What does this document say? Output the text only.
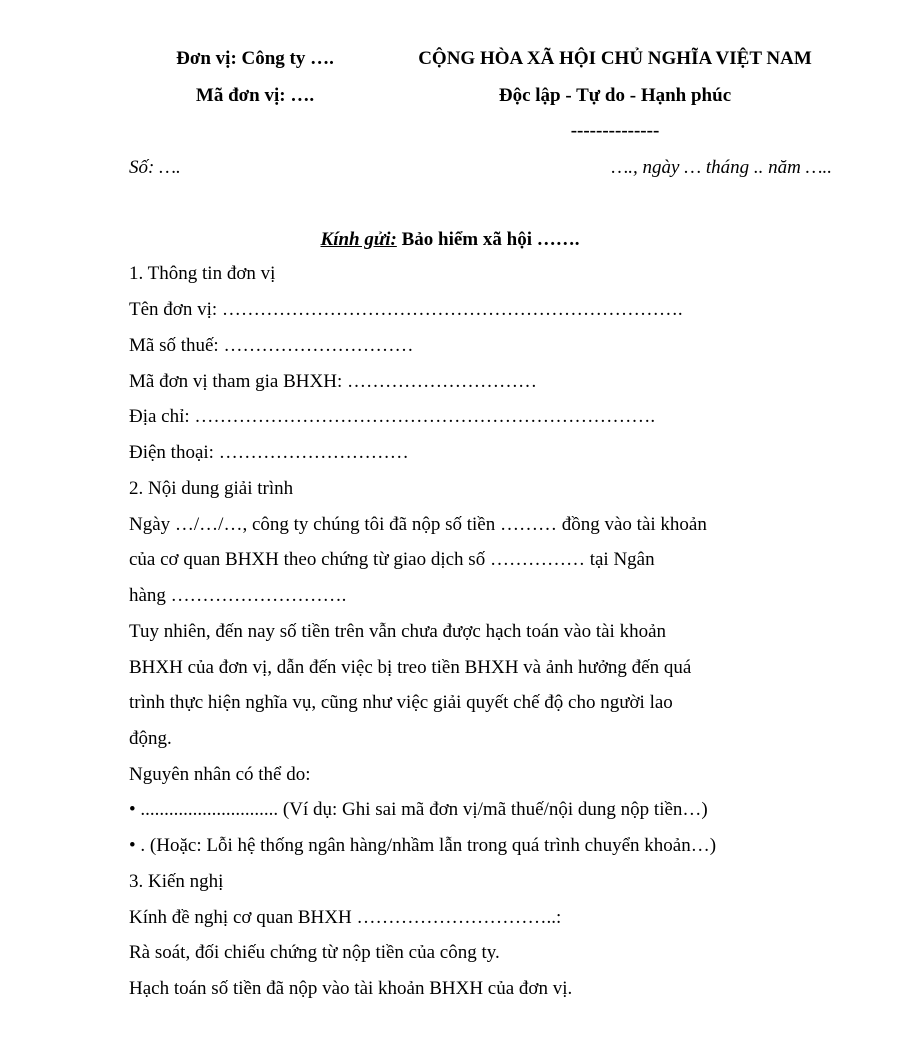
Đơn vị: Công ty ….
Mã đơn vị: ….
CỘNG HÒA XÃ HỘI CHỦ NGHĨA VIỆT NAM
Độc lập - Tự do - Hạnh phúc
--------------
Số: ….	…., ngày … tháng .. năm …..
Kính gửi: Bảo hiểm xã hội …….
1. Thông tin đơn vị
Tên đơn vị: ……………………………………………………………….
Mã số thuế: …………………………
Mã đơn vị tham gia BHXH: …………………………
Địa chỉ: ……………………………………………………………….
Điện thoại: …………………………
2. Nội dung giải trình
Ngày …/…/…, công ty chúng tôi đã nộp số tiền ……… đồng vào tài khoản
của cơ quan BHXH theo chứng từ giao dịch số …………… tại Ngân
hàng ……………………….
Tuy nhiên, đến nay số tiền trên vẫn chưa được hạch toán vào tài khoản
BHXH của đơn vị, dẫn đến việc bị treo tiền BHXH và ảnh hưởng đến quá
trình thực hiện nghĩa vụ, cũng như việc giải quyết chế độ cho người lao
động.
Nguyên nhân có thể do:
• ............................. (Ví dụ: Ghi sai mã đơn vị/mã thuế/nội dung nộp tiền…)
• . (Hoặc: Lỗi hệ thống ngân hàng/nhầm lẫn trong quá trình chuyển khoản…)
3. Kiến nghị
Kính đề nghị cơ quan BHXH …………………………..:
Rà soát, đối chiếu chứng từ nộp tiền của công ty.
Hạch toán số tiền đã nộp vào tài khoản BHXH của đơn vị.
